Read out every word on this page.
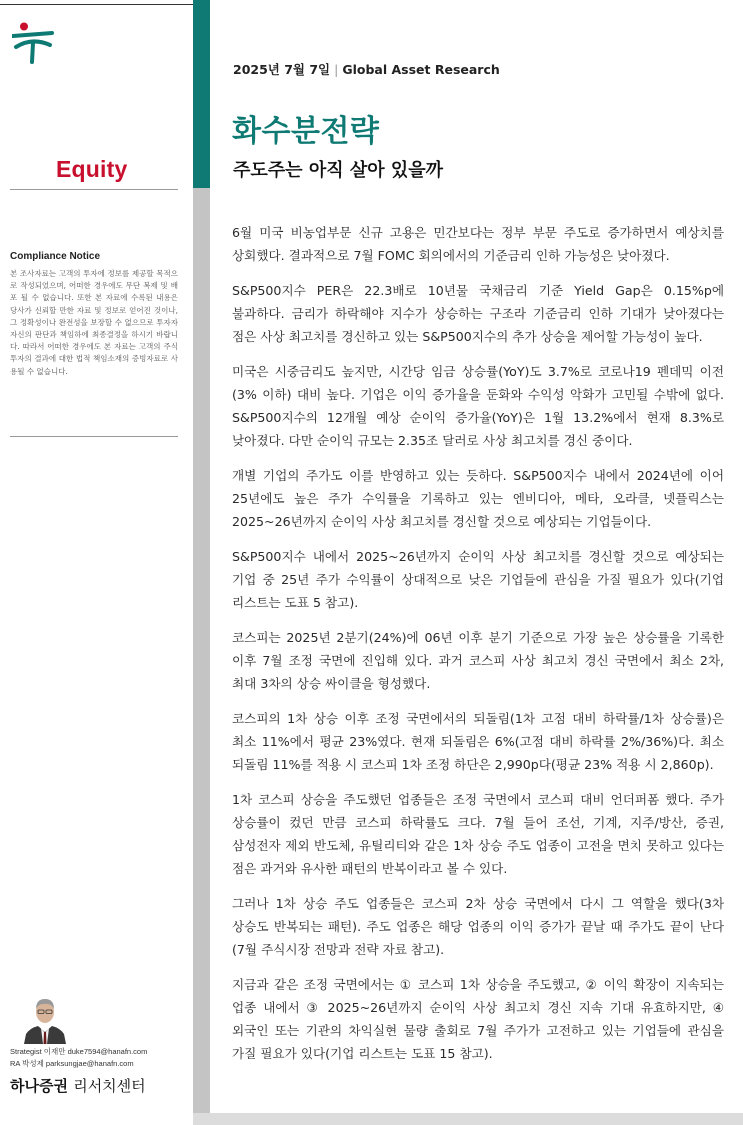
Equity
Compliance Notice
본 조사자료는 고객의 투자에 정보를 제공할 목적으로 작성되었으며, 어떠한 경우에도 무단 복제 및 배포 될 수 없습니다. 또한 본 자료에 수록된 내용은 당사가 신뢰할 만한 자료 및 정보로 얻어진 것이나, 그 정확성이나 완전성을 보장할 수 없으므로 투자자 자신의 판단과 책임하에 최종결정을 하시기 바랍니다. 따라서 어떠한 경우에도 본 자료는 고객의 주식투자의 결과에 대한 법적 책임소재의 증빙자료로 사용될 수 없습니다.
Strategist 이재만 duke7594@hanafn.com
RA 박성제 parksungjae@hanafn.com
하나증권 리서치센터
2025년 7월 7일 | Global Asset Research
화수분전략
주도주는 아직 살아 있을까

6월 미국 비농업부문 신규 고용은 민간보다는 정부 부문 주도로 증가하면서 예상치를 상회했다. 결과적으로 7월 FOMC 회의에서의 기준금리 인하 가능성은 낮아졌다.

S&P500지수 PER은 22.3배로 10년물 국채금리 기준 Yield Gap은 0.15%p에 불과하다. 금리가 하락해야 지수가 상승하는 구조라 기준금리 인하 기대가 낮아졌다는 점은 사상 최고치를 경신하고 있는 S&P500지수의 추가 상승을 제어할 가능성이 높다.

미국은 시중금리도 높지만, 시간당 임금 상승률(YoY)도 3.7%로 코로나19 펜데믹 이전(3% 이하) 대비 높다. 기업은 이익 증가율을 둔화와 수익성 악화가 고민될 수밖에 없다. S&P500지수의 12개월 예상 순이익 증가율(YoY)은 1월 13.2%에서 현재 8.3%로 낮아졌다. 다만 순이익 규모는 2.35조 달러로 사상 최고치를 경신 중이다.

개별 기업의 주가도 이를 반영하고 있는 듯하다. S&P500지수 내에서 2024년에 이어 25년에도 높은 주가 수익률을 기록하고 있는 엔비디아, 메타, 오라클, 넷플릭스는 2025~26년까지 순이익 사상 최고치를 경신할 것으로 예상되는 기업들이다.

S&P500지수 내에서 2025~26년까지 순이익 사상 최고치를 경신할 것으로 예상되는 기업 중 25년 주가 수익률이 상대적으로 낮은 기업들에 관심을 가질 필요가 있다(기업 리스트는 도표 5 참고).

코스피는 2025년 2분기(24%)에 06년 이후 분기 기준으로 가장 높은 상승률을 기록한 이후 7월 조정 국면에 진입해 있다. 과거 코스피 사상 최고치 경신 국면에서 최소 2차, 최대 3차의 상승 싸이클을 형성했다.

코스피의 1차 상승 이후 조정 국면에서의 되돌림(1차 고점 대비 하락률/1차 상승률)은 최소 11%에서 평균 23%였다. 현재 되돌림은 6%(고점 대비 하락률 2%/36%)다. 최소 되돌림 11%를 적용 시 코스피 1차 조정 하단은 2,990p다(평균 23% 적용 시 2,860p).

1차 코스피 상승을 주도했던 업종들은 조정 국면에서 코스피 대비 언더퍼폼 했다. 주가 상승률이 컸던 만큼 코스피 하락률도 크다. 7월 들어 조선, 기계, 지주/방산, 증권, 삼성전자 제외 반도체, 유틸리티와 같은 1차 상승 주도 업종이 고전을 면치 못하고 있다는 점은 과거와 유사한 패턴의 반복이라고 볼 수 있다.

그러나 1차 상승 주도 업종들은 코스피 2차 상승 국면에서 다시 그 역할을 했다(3차 상승도 반복되는 패턴). 주도 업종은 해당 업종의 이익 증가가 끝날 때 주가도 끝이 난다(7월 주식시장 전망과 전략 자료 참고).

지금과 같은 조정 국면에서는 ① 코스피 1차 상승을 주도했고, ② 이익 확장이 지속되는 업종 내에서 ③ 2025~26년까지 순이익 사상 최고치 경신 지속 기대 유효하지만, ④ 외국인 또는 기관의 차익실현 물량 출회로 7월 주가가 고전하고 있는 기업들에 관심을 가질 필요가 있다(기업 리스트는 도표 15 참고).
